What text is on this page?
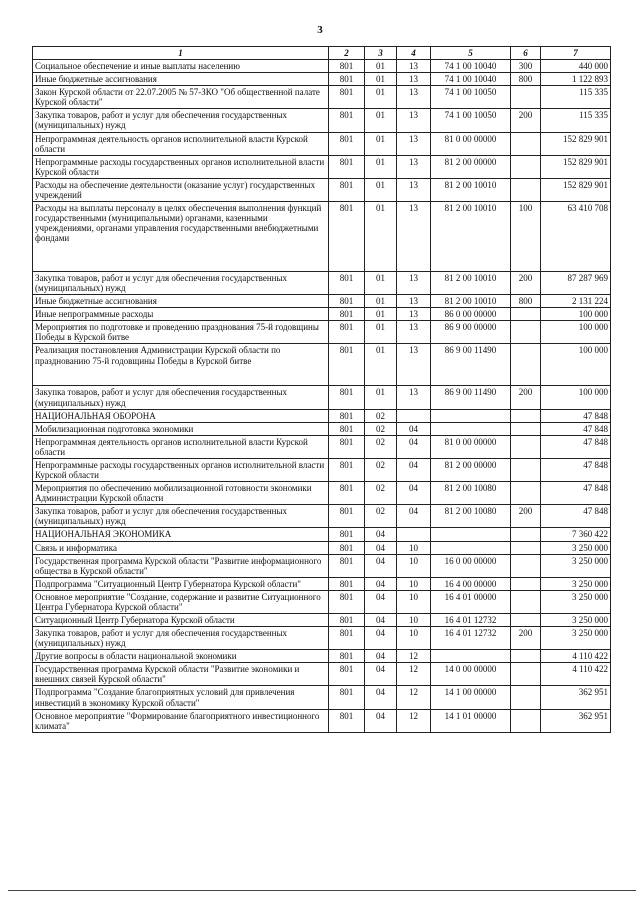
3
1	2	3	4	5	6	7
Социальное обеспечение и иные выплаты населению	801	01	13	74 1 00 10040	300	440 000
Иные бюджетные ассигнования	801	01	13	74 1 00 10040	800	1 122 893
Закон Курской области от 22.07.2005 № 57-ЗКО "Об общественной палате Курской области"	801	01	13	74 1 00 10050		115 335
Закупка товаров, работ и услуг для обеспечения государственных (муниципальных) нужд	801	01	13	74 1 00 10050	200	115 335
Непрограммная деятельность органов исполнительной власти Курской области	801	01	13	81 0 00 00000		152 829 901
Непрограммные расходы государственных органов исполнительной власти Курской области	801	01	13	81 2 00 00000		152 829 901
Расходы на обеспечение деятельности (оказание услуг) государственных учреждений	801	01	13	81 2 00 10010		152 829 901
Расходы на выплаты персоналу в целях обеспечения выполнения функций государственными (муниципальными) органами, казенными учреждениями, органами управления государственными внебюджетными фондами	801	01	13	81 2 00 10010	100	63 410 708
Закупка товаров, работ и услуг для обеспечения государственных (муниципальных) нужд	801	01	13	81 2 00 10010	200	87 287 969
Иные бюджетные ассигнования	801	01	13	81 2 00 10010	800	2 131 224
Иные непрограммные расходы	801	01	13	86 0 00 00000		100 000
Мероприятия по подготовке и проведению празднования 75-й годовщины Победы в Курской битве	801	01	13	86 9 00 00000		100 000
Реализация постановления Администрации Курской области по празднованию 75-й годовщины Победы в Курской битве	801	01	13	86 9 00 11490		100 000
Закупка товаров, работ и услуг для обеспечения государственных (муниципальных) нужд	801	01	13	86 9 00 11490	200	100 000
НАЦИОНАЛЬНАЯ ОБОРОНА	801	02				47 848
Мобилизационная подготовка экономики	801	02	04			47 848
Непрограммная деятельность органов исполнительной власти Курской области	801	02	04	81 0 00 00000		47 848
Непрограммные расходы государственных органов исполнительной власти Курской области	801	02	04	81 2 00 00000		47 848
Мероприятия по обеспечению мобилизационной готовности экономики Администрации Курской области	801	02	04	81 2 00 10080		47 848
Закупка товаров, работ и услуг для обеспечения государственных (муниципальных) нужд	801	02	04	81 2 00 10080	200	47 848
НАЦИОНАЛЬНАЯ ЭКОНОМИКА	801	04				7 360 422
Связь и информатика	801	04	10			3 250 000
Государственная программа Курской области "Развитие информационного общества в Курской области"	801	04	10	16 0 00 00000		3 250 000
Подпрограмма "Ситуационный Центр Губернатора Курской области"	801	04	10	16 4 00 00000		3 250 000
Основное мероприятие "Создание, содержание и развитие Ситуационного Центра Губернатора Курской области"	801	04	10	16 4 01 00000		3 250 000
Ситуационный Центр Губернатора Курской области	801	04	10	16 4 01 12732		3 250 000
Закупка товаров, работ и услуг для обеспечения государственных (муниципальных) нужд	801	04	10	16 4 01 12732	200	3 250 000
Другие вопросы в области национальной экономики	801	04	12			4 110 422
Государственная программа Курской области "Развитие экономики и внешних связей Курской области"	801	04	12	14 0 00 00000		4 110 422
Подпрограмма "Создание благоприятных условий для привлечения инвестиций в экономику Курской области"	801	04	12	14 1 00 00000		362 951
Основное мероприятие "Формирование благоприятного инвестиционного климата"	801	04	12	14 1 01 00000		362 951
